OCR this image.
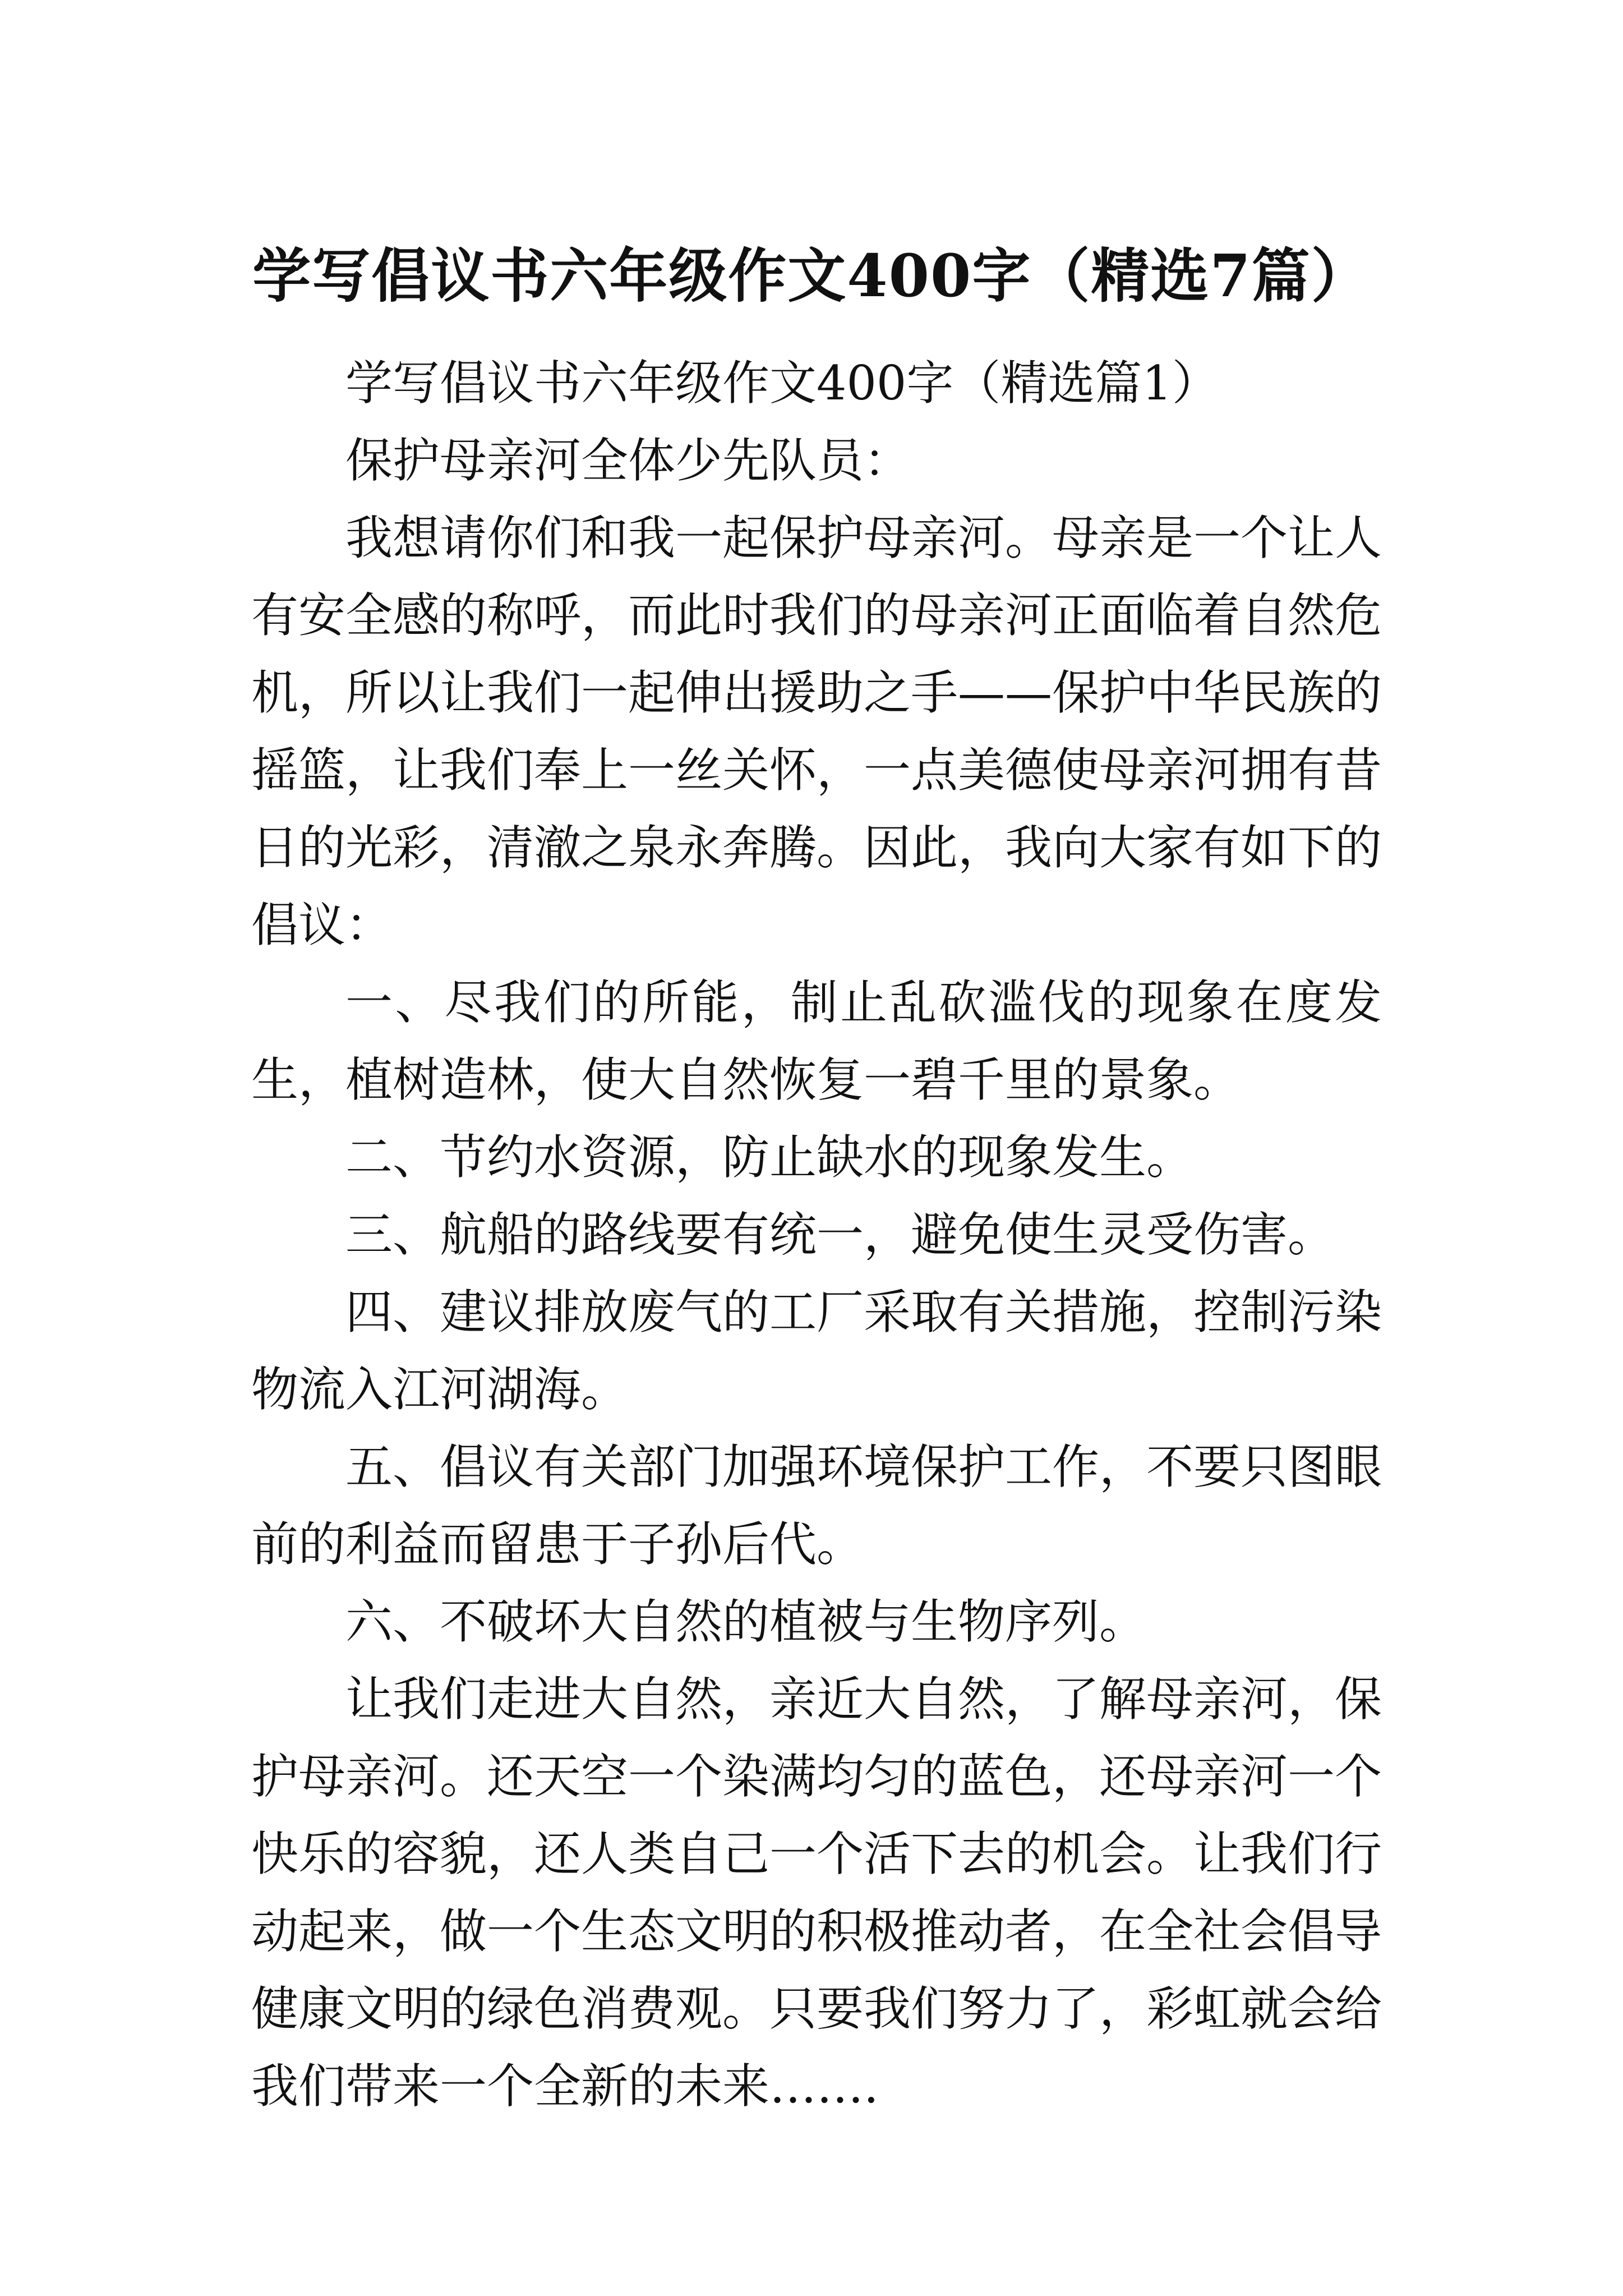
学写倡议书六年级作文400字（精选7篇）

学写倡议书六年级作文400字（精选篇1）

保护母亲河全体少先队员：

我想请你们和我一起保护母亲河。母亲是一个让人有安全感的称呼，而此时我们的母亲河正面临着自然危机，所以让我们一起伸出援助之手——保护中华民族的摇篮，让我们奉上一丝关怀，一点美德使母亲河拥有昔日的光彩，清澈之泉永奔腾。因此，我向大家有如下的倡议：

一、尽我们的所能，制止乱砍滥伐的现象在度发生，植树造林，使大自然恢复一碧千里的景象。

二、节约水资源，防止缺水的现象发生。

三、航船的路线要有统一，避免使生灵受伤害。

四、建议排放废气的工厂采取有关措施，控制污染物流入江河湖海。

五、倡议有关部门加强环境保护工作，不要只图眼前的利益而留患于子孙后代。

六、不破坏大自然的植被与生物序列。

让我们走进大自然，亲近大自然，了解母亲河，保护母亲河。还天空一个染满均匀的蓝色，还母亲河一个快乐的容貌，还人类自己一个活下去的机会。让我们行动起来，做一个生态文明的积极推动者，在全社会倡导健康文明的绿色消费观。只要我们努力了，彩虹就会给我们带来一个全新的未来…….
